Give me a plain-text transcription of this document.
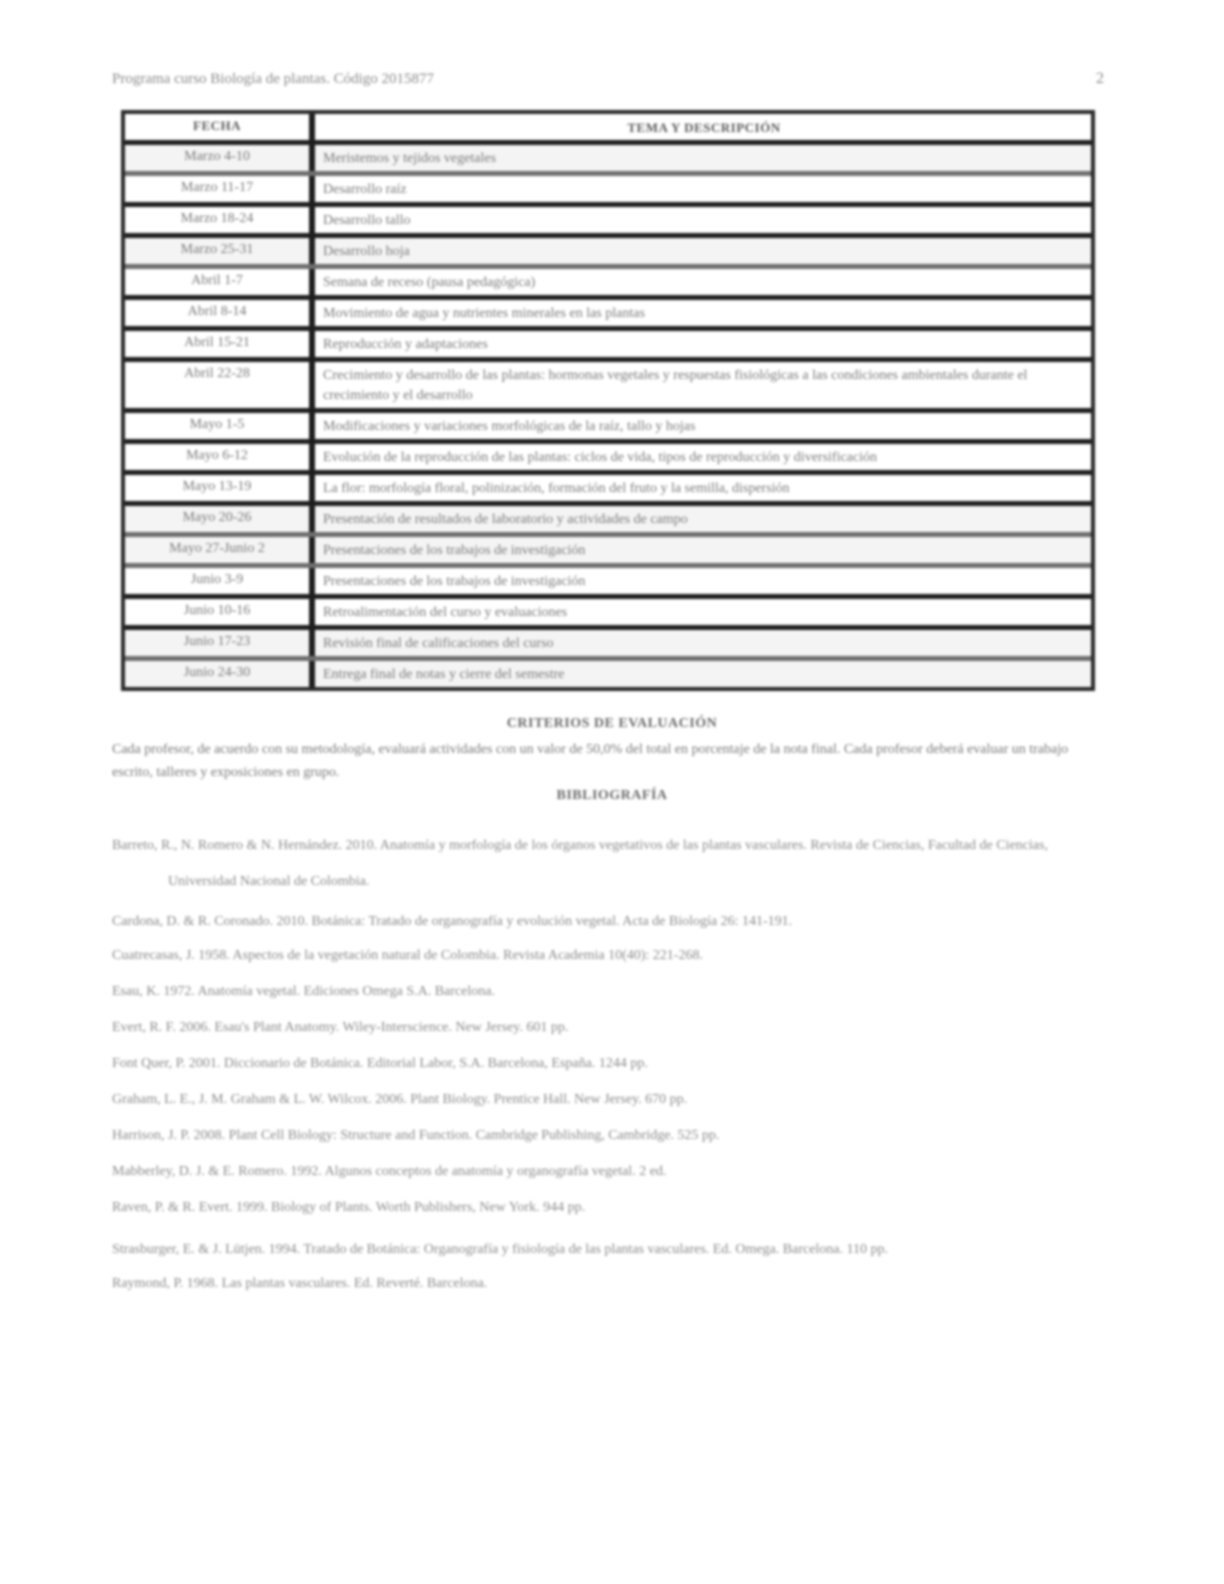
Programa curso Biología de plantas. Código 2015877	2
FECHA	TEMA Y DESCRIPCIÓN
Marzo 4-10	Meristemos y tejidos vegetales
Marzo 11-17	Desarrollo raíz
Marzo 18-24	Desarrollo tallo
Marzo 25-31	Desarrollo hoja
Abril 1-7	Semana de receso (pausa pedagógica)
Abril 8-14	Movimiento de agua y nutrientes minerales en las plantas
Abril 15-21	Reproducción y adaptaciones
Abril 22-28	Crecimiento y desarrollo de las plantas: hormonas vegetales y respuestas fisiológicas a las condiciones ambientales durante el crecimiento y el desarrollo
Mayo 1-5	Modificaciones y variaciones morfológicas de la raíz, tallo y hojas
Mayo 6-12	Evolución de la reproducción de las plantas: ciclos de vida, tipos de reproducción y diversificación
Mayo 13-19	La flor: morfología floral, polinización, formación del fruto y la semilla, dispersión
Mayo 20-26	Presentación de resultados de laboratorio y actividades de campo
Mayo 27-Junio 2	Presentaciones de los trabajos de investigación
Junio 3-9	Presentaciones de los trabajos de investigación
Junio 10-16	Retroalimentación del curso y evaluaciones
Junio 17-23	Revisión final de calificaciones del curso
Junio 24-30	Entrega final de notas y cierre del semestre
CRITERIOS DE EVALUACIÓN
Cada profesor, de acuerdo con su metodología, evaluará actividades con un valor de 50,0% del total en porcentaje de la nota final. Cada profesor deberá evaluar un trabajo escrito, talleres y exposiciones en grupo.
BIBLIOGRAFÍA
Barreto, R., N. Romero & N. Hernández. 2010. Anatomía y morfología de los órganos vegetativos de las plantas vasculares. Revista de Ciencias, Facultad de Ciencias, Universidad Nacional de Colombia.
Cardona, D. & R. Coronado. 2010. Botánica: Tratado de organografía y evolución vegetal. Acta de Biología 26: 141-191.
Cuatrecasas, J. 1958. Aspectos de la vegetación natural de Colombia. Revista Academia 10(40): 221-268.
Esau, K. 1972. Anatomía vegetal. Ediciones Omega S.A. Barcelona.
Evert, R. F. 2006. Esau's Plant Anatomy. Wiley-Interscience. New Jersey. 601 pp.
Font Quer, P. 2001. Diccionario de Botánica. Editorial Labor, S.A. Barcelona, España. 1244 pp.
Graham, L. E., J. M. Graham & L. W. Wilcox. 2006. Plant Biology. Prentice Hall. New Jersey. 670 pp.
Harrison, J. P. 2008. Plant Cell Biology: Structure and Function. Cambridge Publishing, Cambridge. 525 pp.
Mabberley, D. J. & E. Romero. 1992. Algunos conceptos de anatomía y organografía vegetal. 2 ed.
Raven, P. & R. Evert. 1999. Biology of Plants. Worth Publishers, New York. 944 pp.
Strasburger, E. & J. Lütjen. 1994. Tratado de Botánica: Organografía y fisiología de las plantas vasculares. Ed. Omega. Barcelona. 110 pp.
Raymond, P. 1968. Las plantas vasculares. Ed. Reverté. Barcelona.
